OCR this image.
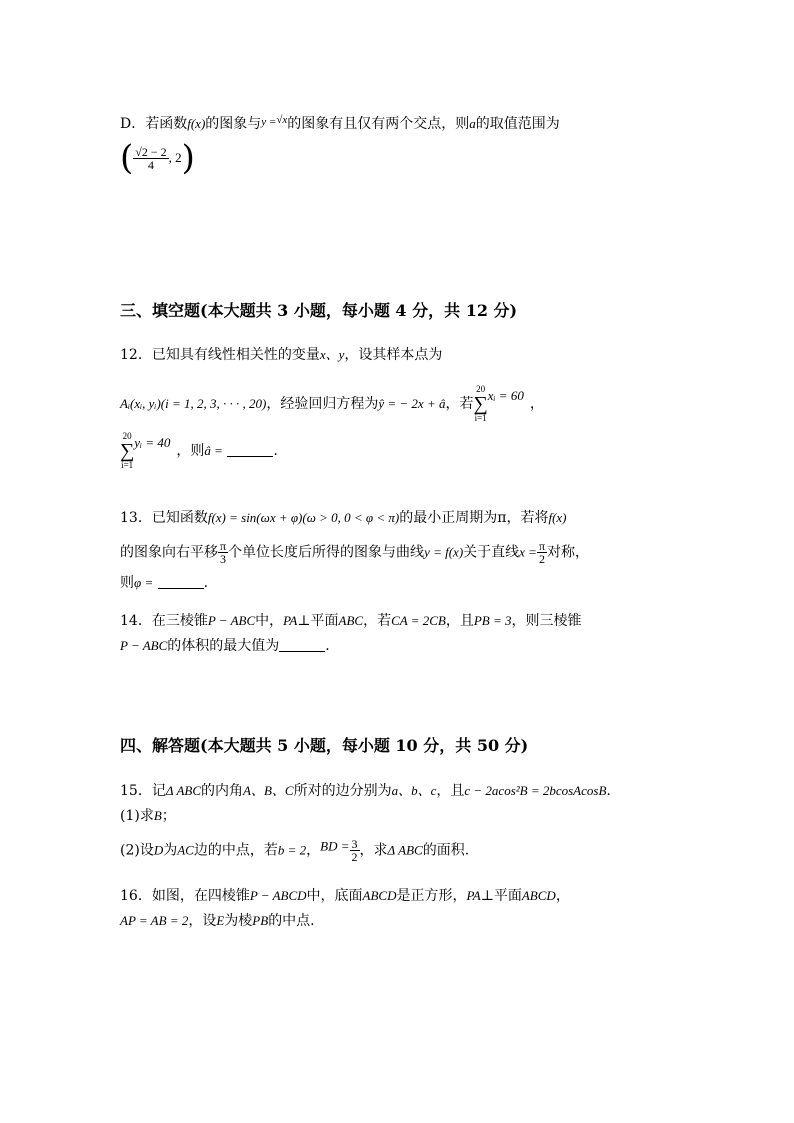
D．若函数f(x)的图象与$^{y =√x}$的图象有且仅有两个交点，则a的取值范围为
( $\frac{√2 - 2}{4}$ , 2)
三、填空题(本大题共 3 小题，每小题 4 分，共 12 分)
12．已知具有线性相关性的变量x、y，设其样本点为
Aᵢ(xᵢ, yᵢ)(i = 1, 2, 3, · · · , 20)，经验回归方程为ŷ = − 2x + â，若
20
∑
i=1
xᵢ = 60，
20
∑
i=1
yᵢ = 40，则â =	.
13．已知函数f(x) = sin(ωx + φ)(ω > 0, 0 < φ < π)的最小正周期为π，若将f(x)
的图象向右平移 $\frac{\pi}{3}$ 个单位长度后所得的图象与曲线y = f(x)关于直线$x = \frac{\pi}{2}$ 对称，
则φ =	.
14．在三棱锥P − ABC中，PA⊥平面ABC，若CA = 2CB，且PB = 3，则三棱锥
P − ABC的体积的最大值为	.
四、解答题(本大题共 5 小题，每小题 10 分，共 50 分)
15．记Δ ABC的内角A、B、C所对的边分别为a、b、c，且c − 2acos²B = 2bcosAcosB.
(1)求B；
(2)设D为AC边的中点，若b = 2，BD = $\frac{3}{2}$ ，求Δ ABC的面积.
16．如图，在四棱锥P − ABCD中，底面ABCD是正方形，PA⊥平面ABCD，
AP = AB = 2，设E为棱PB的中点.
